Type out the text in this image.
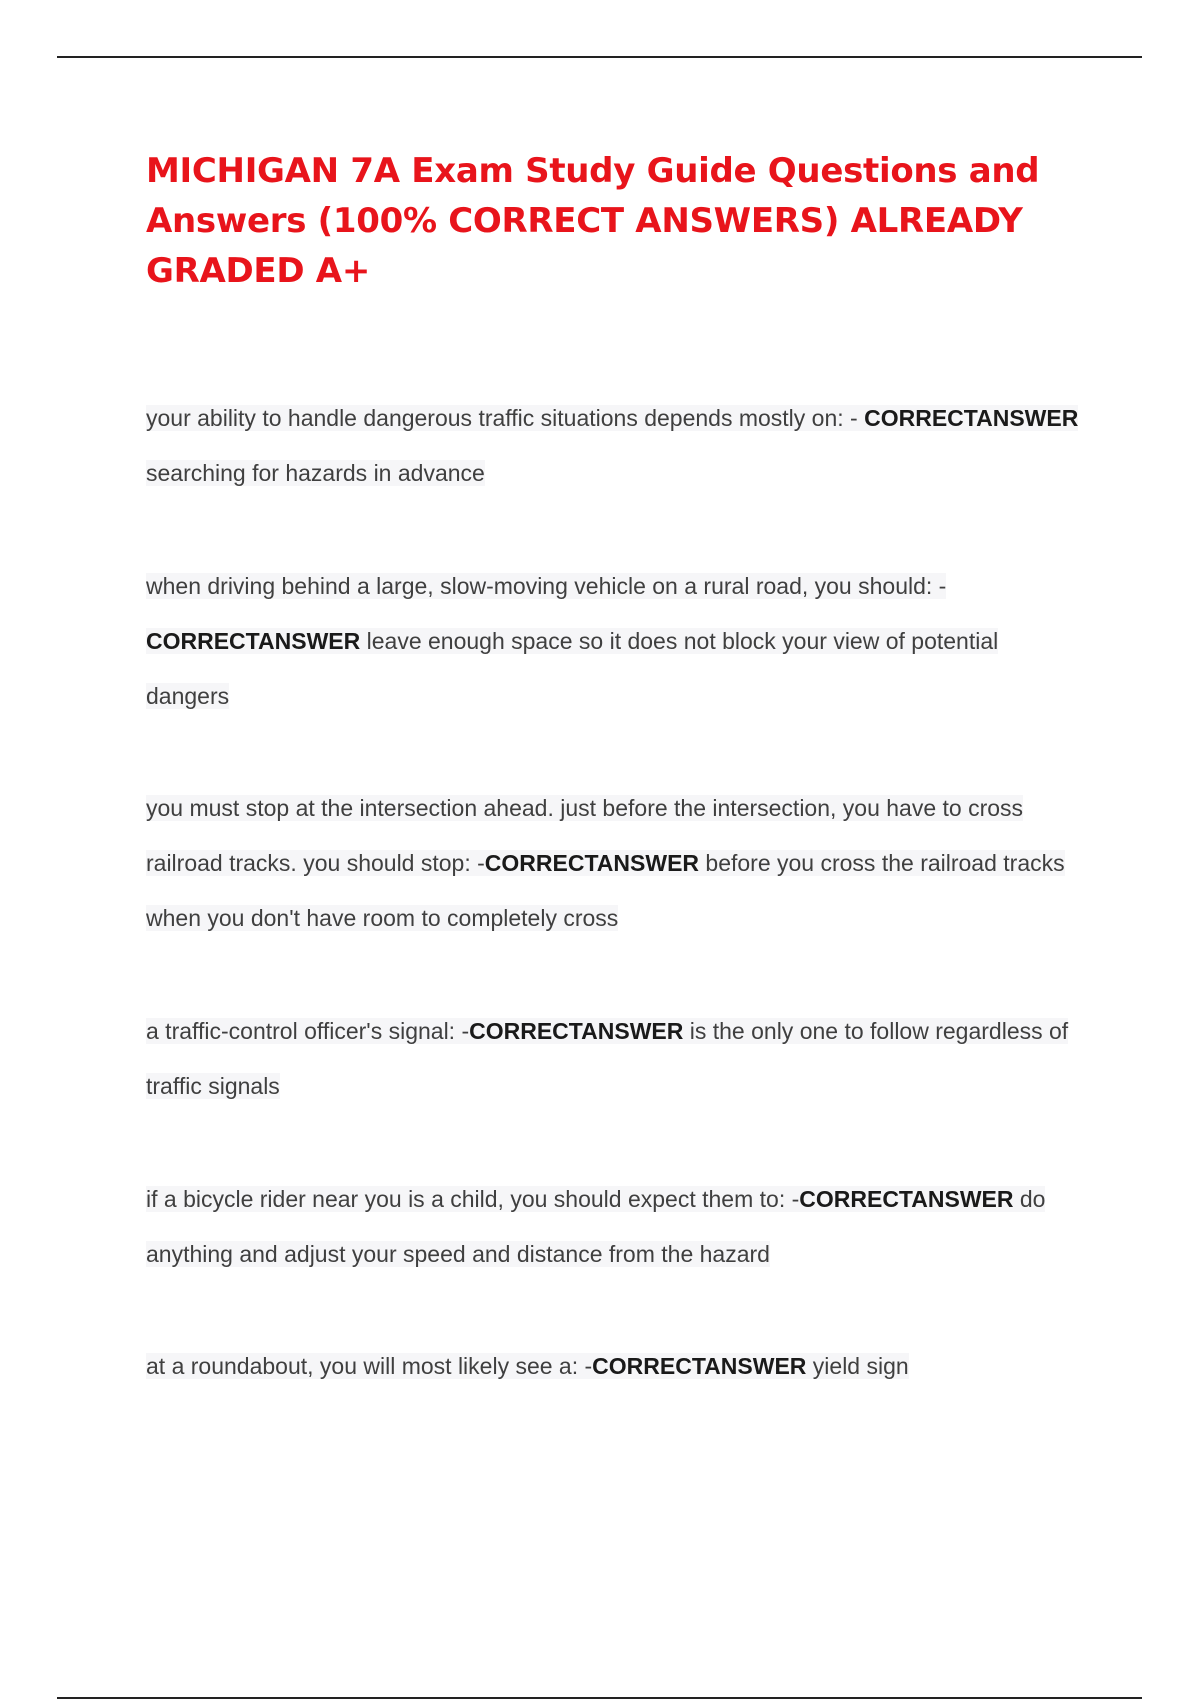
MICHIGAN 7A Exam Study Guide Questions and Answers (100% CORRECT ANSWERS) ALREADY GRADED A+

your ability to handle dangerous traffic situations depends mostly on: - CORRECTANSWER searching for hazards in advance

when driving behind a large, slow-moving vehicle on a rural road, you should: - CORRECTANSWER leave enough space so it does not block your view of potential dangers

you must stop at the intersection ahead. just before the intersection, you have to cross railroad tracks. you should stop: -CORRECTANSWER before you cross the railroad tracks when you don't have room to completely cross

a traffic-control officer's signal: -CORRECTANSWER is the only one to follow regardless of traffic signals

if a bicycle rider near you is a child, you should expect them to: -CORRECTANSWER do anything and adjust your speed and distance from the hazard

at a roundabout, you will most likely see a: -CORRECTANSWER yield sign
